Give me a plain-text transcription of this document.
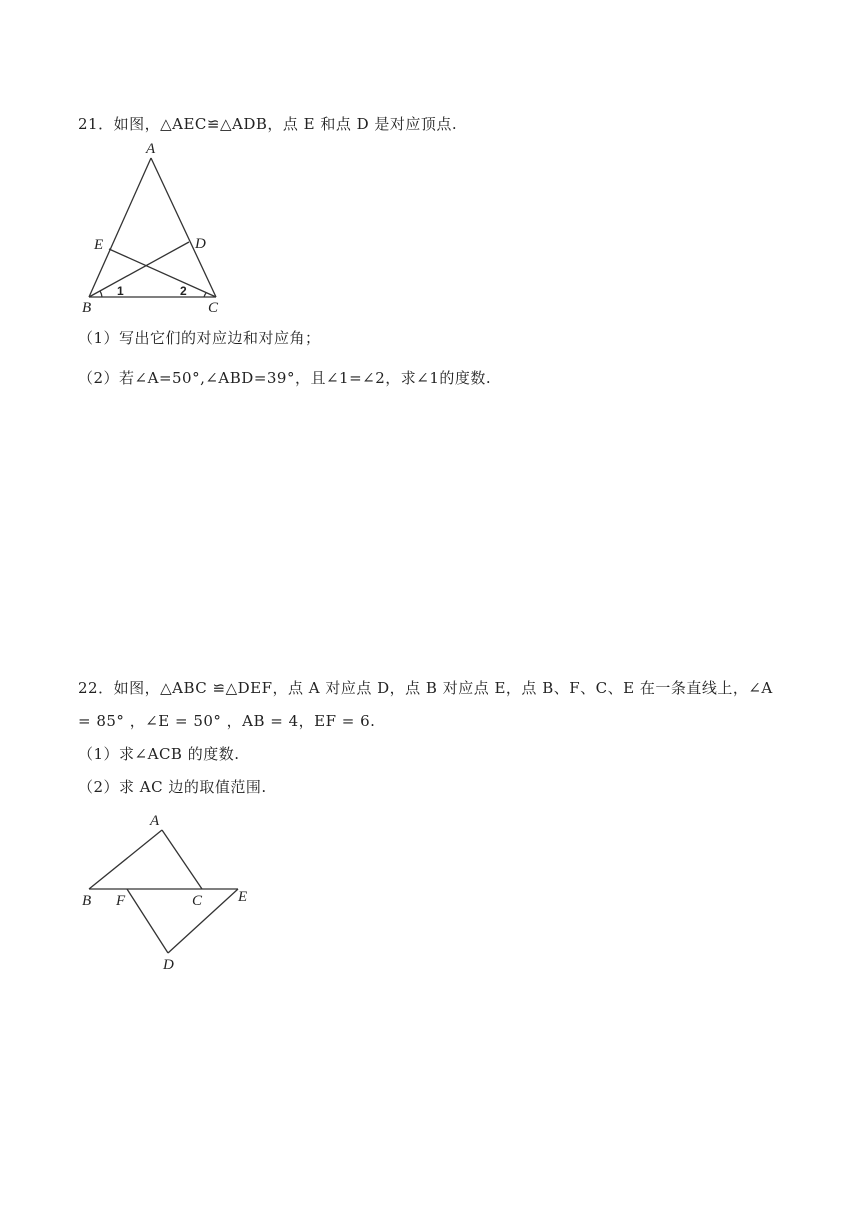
21．如图，△AEC≌△ADB，点 E 和点 D 是对应顶点.
A
E	D
B	C
1	2
（1）写出它们的对应边和对应角；
（2）若∠A=50°,∠ABD=39°，且∠1=∠2，求∠1的度数.
22．如图，△ABC ≌△DEF，点 A 对应点 D，点 B 对应点 E，点 B、F、C、E 在一条直线上，∠A
= 85° ，∠E = 50° ，AB = 4，EF = 6.
（1）求∠ACB 的度数.
（2）求 AC 边的取值范围.
A
B F	C E
D
